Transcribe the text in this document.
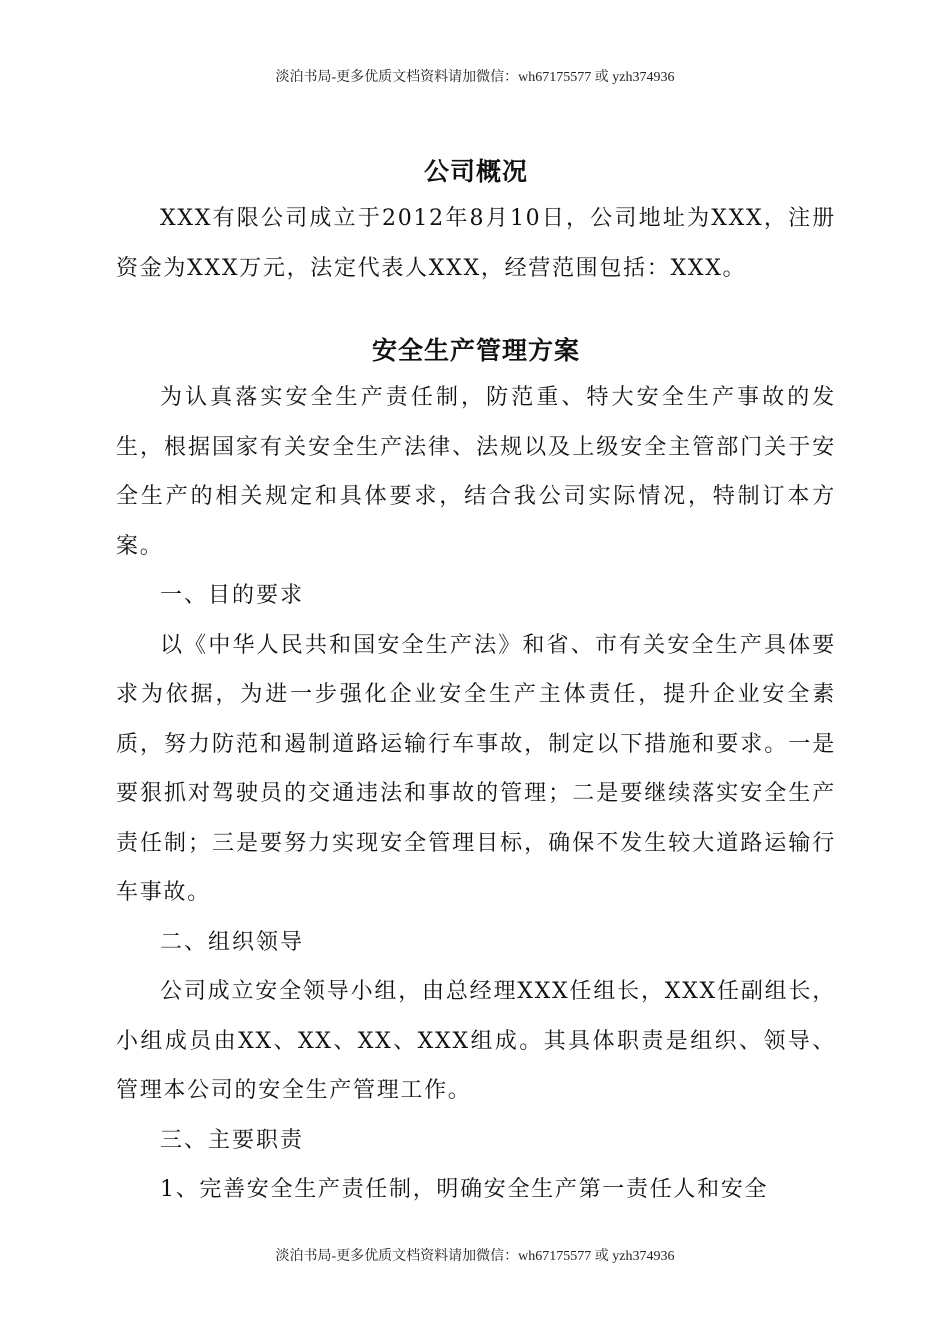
淡泊书局-更多优质文档资料请加微信：wh67175577 或 yzh374936
公司概况

XXX有限公司成立于2012年8月10日，公司地址为XXX，注册资金为XXX万元，法定代表人XXX，经营范围包括：XXX。

安全生产管理方案

为认真落实安全生产责任制，防范重、特大安全生产事故的发生，根据国家有关安全生产法律、法规以及上级安全主管部门关于安全生产的相关规定和具体要求，结合我公司实际情况，特制订本方案。

一、目的要求

以《中华人民共和国安全生产法》和省、市有关安全生产具体要求为依据，为进一步强化企业安全生产主体责任，提升企业安全素质，努力防范和遏制道路运输行车事故，制定以下措施和要求。一是要狠抓对驾驶员的交通违法和事故的管理；二是要继续落实安全生产责任制；三是要努力实现安全管理目标，确保不发生较大道路运输行车事故。

二、组织领导

公司成立安全领导小组，由总经理XXX任组长，XXX任副组长，小组成员由XX、XX、XX、XXX组成。其具体职责是组织、领导、管理本公司的安全生产管理工作。

三、主要职责

1、完善安全生产责任制，明确安全生产第一责任人和安全

淡泊书局-更多优质文档资料请加微信：wh67175577 或 yzh374936
